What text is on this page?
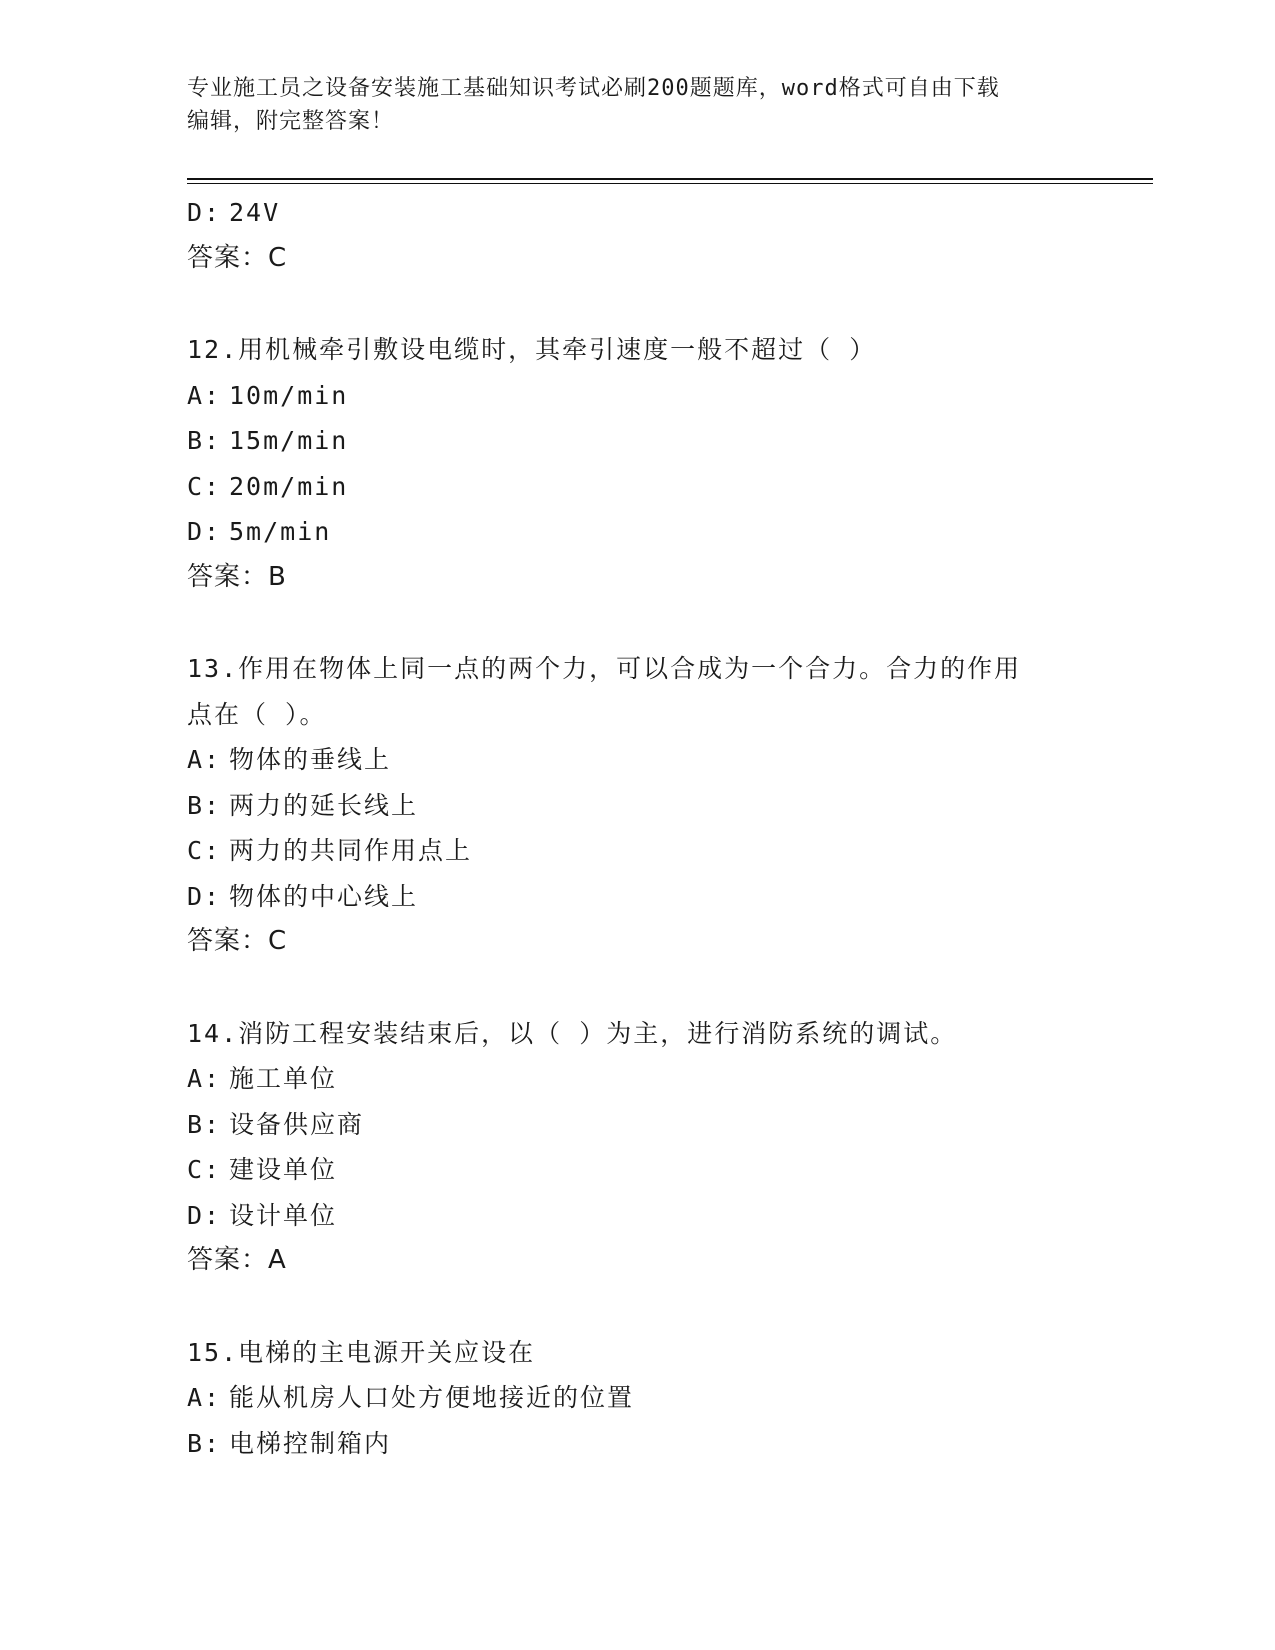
专业施工员之设备安装施工基础知识考试必刷200题题库，word格式可自由下载
编辑，附完整答案！
D: 24V
答案：C
12.用机械牵引敷设电缆时，其牵引速度一般不超过（ ）
A: 10m/min
B: 15m/min
C: 20m/min
D: 5m/min
答案：B
13.作用在物体上同一点的两个力，可以合成为一个合力。合力的作用
点在（ ）。
A: 物体的垂线上
B: 两力的延长线上
C: 两力的共同作用点上
D: 物体的中心线上
答案：C
14.消防工程安装结束后，以（ ）为主，进行消防系统的调试。
A: 施工单位
B: 设备供应商
C: 建设单位
D: 设计单位
答案：A
15.电梯的主电源开关应设在
A: 能从机房人口处方便地接近的位置
B: 电梯控制箱内
